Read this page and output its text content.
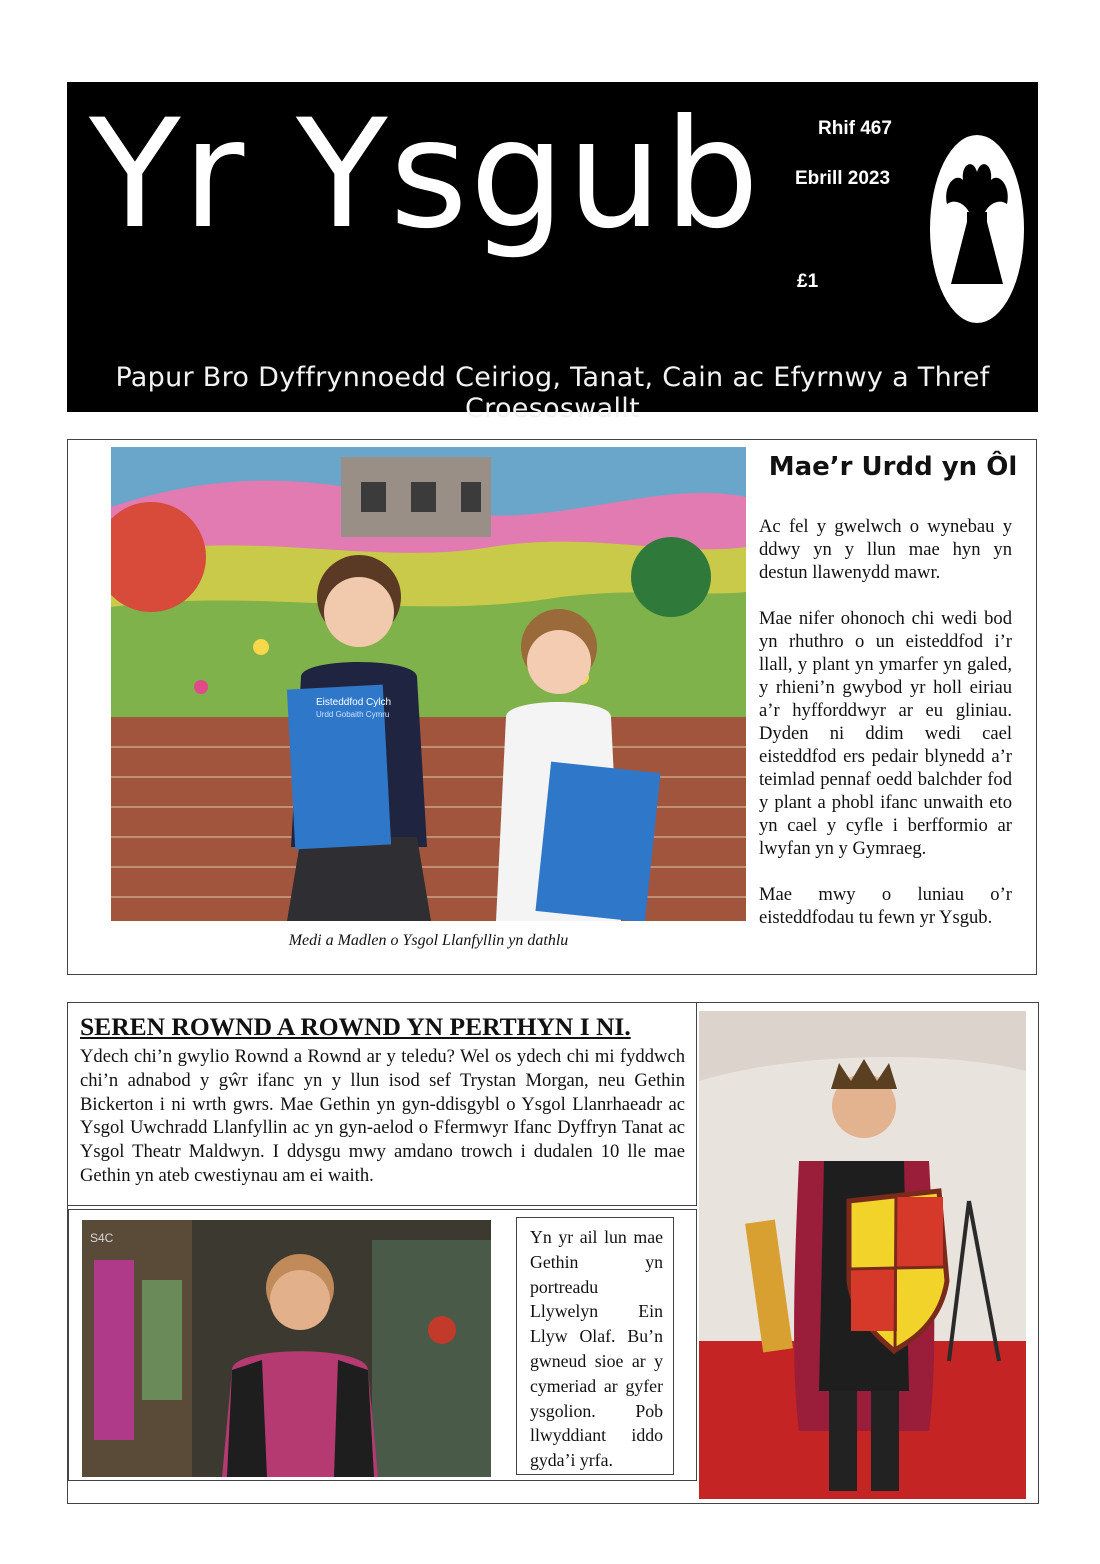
Yr Ysgub	Rhif 467
Ebrill 2023
£1
Papur Bro Dyffrynnoedd Ceiriog, Tanat, Cain ac Efyrnwy a Thref Croesoswallt
Eisteddfod Cylch
Urdd Gobaith Cymru
Medi a Madlen o Ysgol Llanfyllin yn dathlu
Mae’r Urdd yn Ôl

Ac fel y gwelwch o wynebau y ddwy yn y llun mae hyn yn destun llawenydd mawr.

Mae nifer ohonoch chi wedi bod yn rhuthro o un eisteddfod i’r llall, y plant yn ymarfer yn galed, y rhieni’n gwybod yr holl eiriau a’r hyfforddwyr ar eu gliniau. Dyden ni ddim wedi cael eisteddfod ers pedair blynedd a’r teimlad pennaf oedd balchder fod y plant a phobl ifanc unwaith eto yn cael y cyfle i berfformio ar lwyfan yn y Gymraeg.

Mae mwy o luniau o’r eisteddfodau tu fewn yr Ysgub.

SEREN ROWND A ROWND YN PERTHYN I NI.

Ydech chi’n gwylio Rownd a Rownd ar y teledu? Wel os ydech chi mi fyddwch chi’n adnabod y gŵr ifanc yn y llun isod sef Trystan Morgan, neu Gethin Bickerton i ni wrth gwrs. Mae Gethin yn gyn-ddisgybl o Ysgol Llanrhaeadr ac Ysgol Uwchradd Llanfyllin ac yn gyn-aelod o Ffermwyr Ifanc Dyffryn Tanat ac Ysgol Theatr Maldwyn. I ddysgu mwy amdano trowch i dudalen 10 lle mae Gethin yn ateb cwestiynau am ei waith.

S4C	Yn yr ail lun mae Gethin yn portreadu Llywelyn Ein Llyw Olaf. Bu’n gwneud sioe ar y cymeriad ar gyfer ysgolion. Pob llwyddiant iddo gyda’i yrfa.
